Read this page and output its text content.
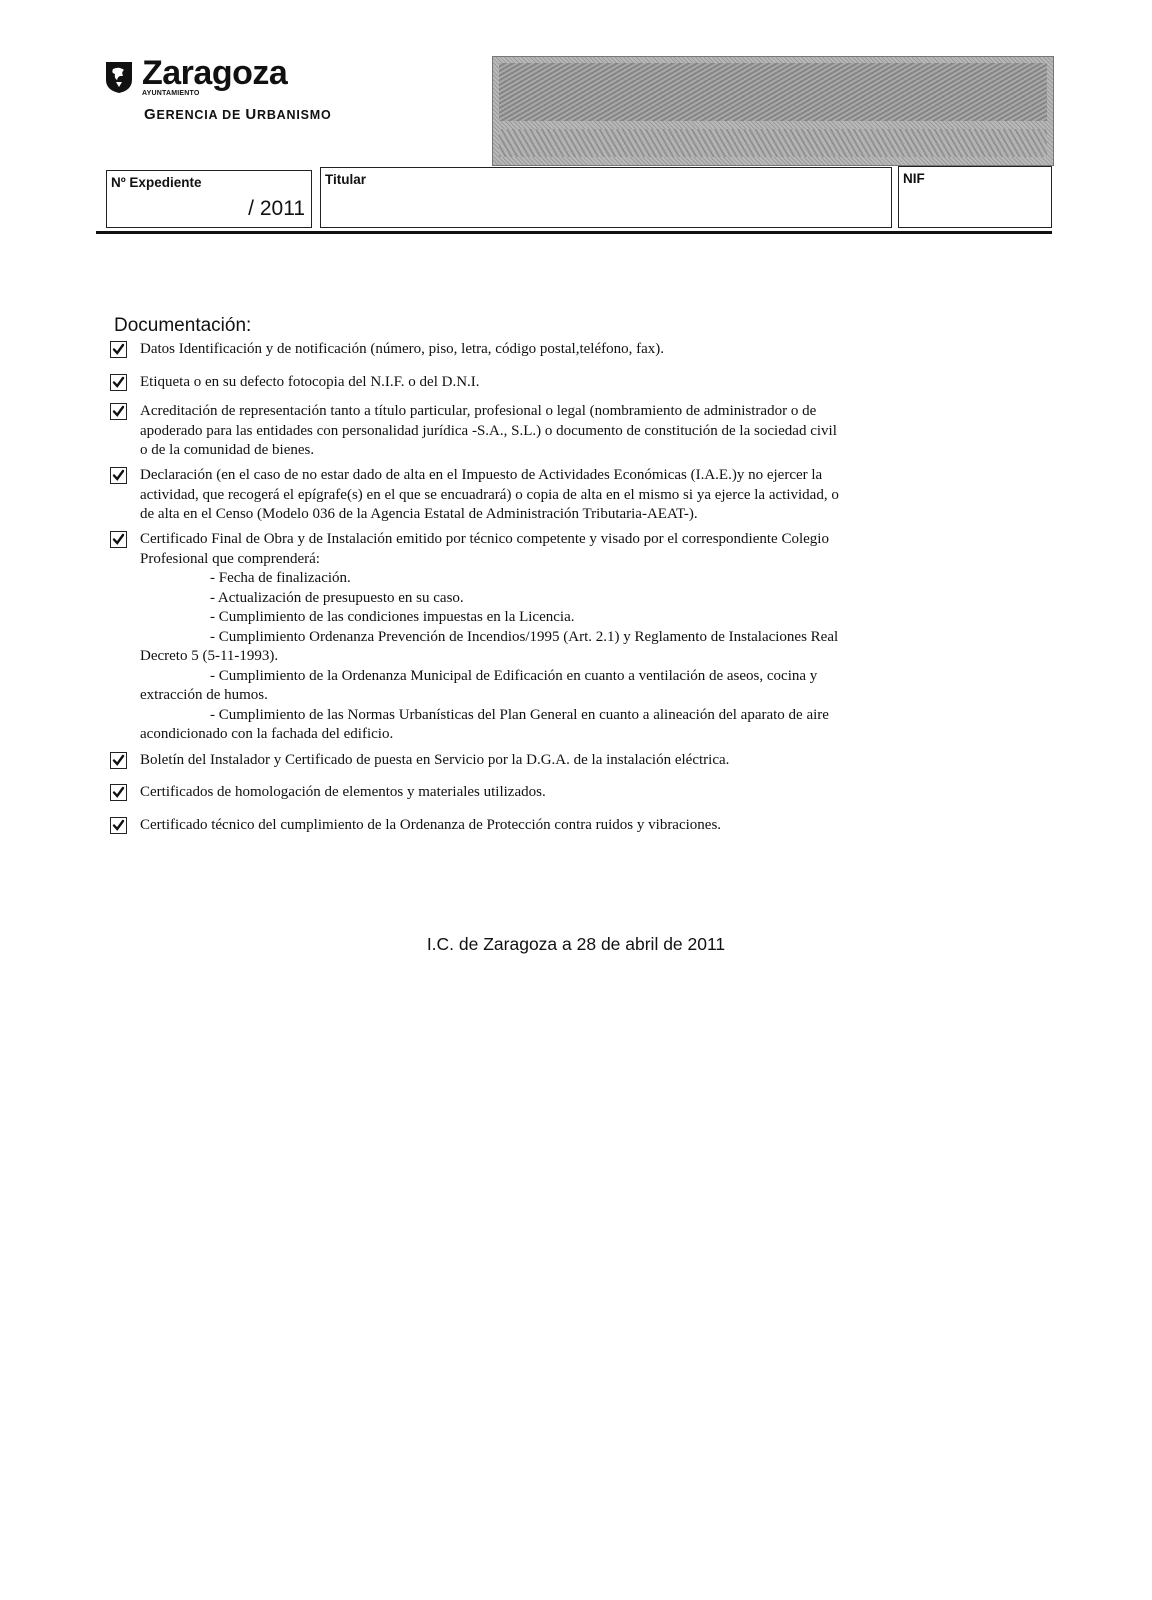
Zaragoza
AYUNTAMIENTO
GERENCIA DE URBANISMO
Nº Expediente
/ 2011
Titular	NIF
Documentación:
Datos Identificación y de notificación (número, piso, letra, código postal,teléfono, fax).
Etiqueta o en su defecto fotocopia del N.I.F. o del D.N.I.
Acreditación de representación tanto a título particular, profesional o legal (nombramiento de administrador o de
apoderado para las entidades con personalidad jurídica -S.A., S.L.) o documento de constitución de la sociedad civil
o de la comunidad de bienes.
Declaración (en el caso de no estar dado de alta en el Impuesto de Actividades Económicas (I.A.E.)y no ejercer la
actividad, que recogerá el epígrafe(s) en el que se encuadrará) o copia de alta en el mismo si ya ejerce la actividad, o
de alta en el Censo (Modelo 036 de la Agencia Estatal de Administración Tributaria-AEAT-).
Certificado Final de Obra y de Instalación emitido por técnico competente y visado por el correspondiente Colegio
Profesional que comprenderá:
- Fecha de finalización.
- Actualización de presupuesto en su caso.
- Cumplimiento de las condiciones impuestas en la Licencia.
- Cumplimiento Ordenanza Prevención de Incendios/1995 (Art. 2.1) y Reglamento de Instalaciones Real
Decreto 5 (5-11-1993).
- Cumplimiento de la Ordenanza Municipal de Edificación en cuanto a ventilación de aseos, cocina y
extracción de humos.
- Cumplimiento de las Normas Urbanísticas del Plan General en cuanto a alineación del aparato de aire
acondicionado con la fachada del edificio.
Boletín del Instalador y Certificado de puesta en Servicio por la D.G.A. de la instalación eléctrica.
Certificados de homologación de elementos y materiales utilizados.
Certificado técnico del cumplimiento de la Ordenanza de Protección contra ruidos y vibraciones.
I.C. de Zaragoza a 28 de abril de 2011
